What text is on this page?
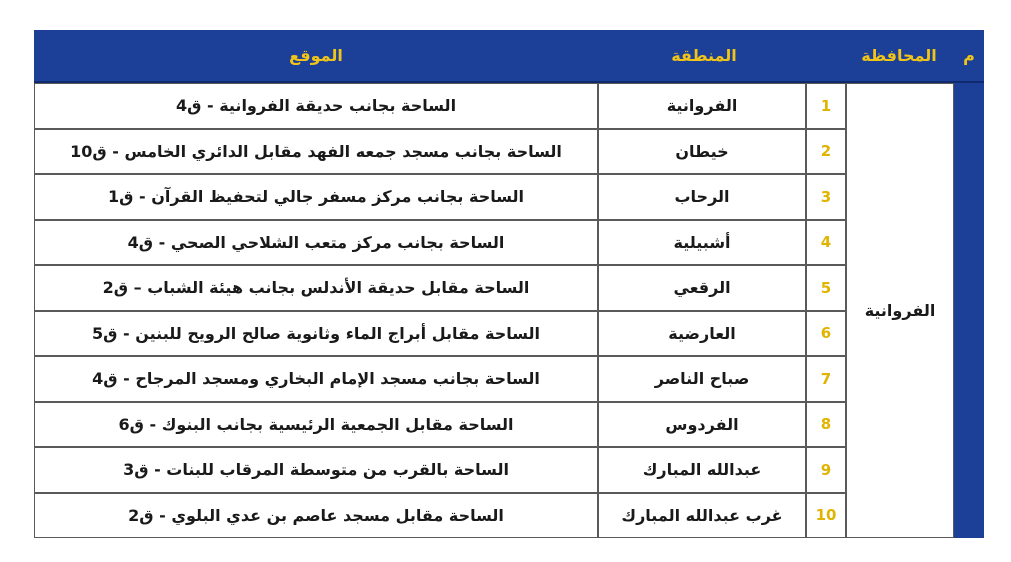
الموقع	المنطقة	المحافظة	م
الفروانية
الساحة بجانب حديقة الفروانية - ق4	الفروانية	1
الساحة بجانب مسجد جمعه الفهد مقابل الدائري الخامس - ق10	خيطان	2
الساحة بجانب مركز مسفر جالي لتحفيظ القرآن - ق1	الرحاب	3
الساحة بجانب مركز متعب الشلاحي الصحي - ق4	أشبيلية	4
الساحة مقابل حديقة الأندلس بجانب هيئة الشباب – ق2	الرقعي	5
الساحة مقابل أبراج الماء وثانوية صالح الرويح للبنين - ق5	العارضية	6
الساحة بجانب مسجد الإمام البخاري ومسجد المرجاح - ق4	صباح الناصر	7
الساحة مقابل الجمعية الرئيسية بجانب البنوك - ق6	الفردوس	8
الساحة بالقرب من متوسطة المرقاب للبنات - ق3	عبدالله المبارك	9
الساحة مقابل مسجد عاصم بن عدي البلوي - ق2	غرب عبدالله المبارك	10
